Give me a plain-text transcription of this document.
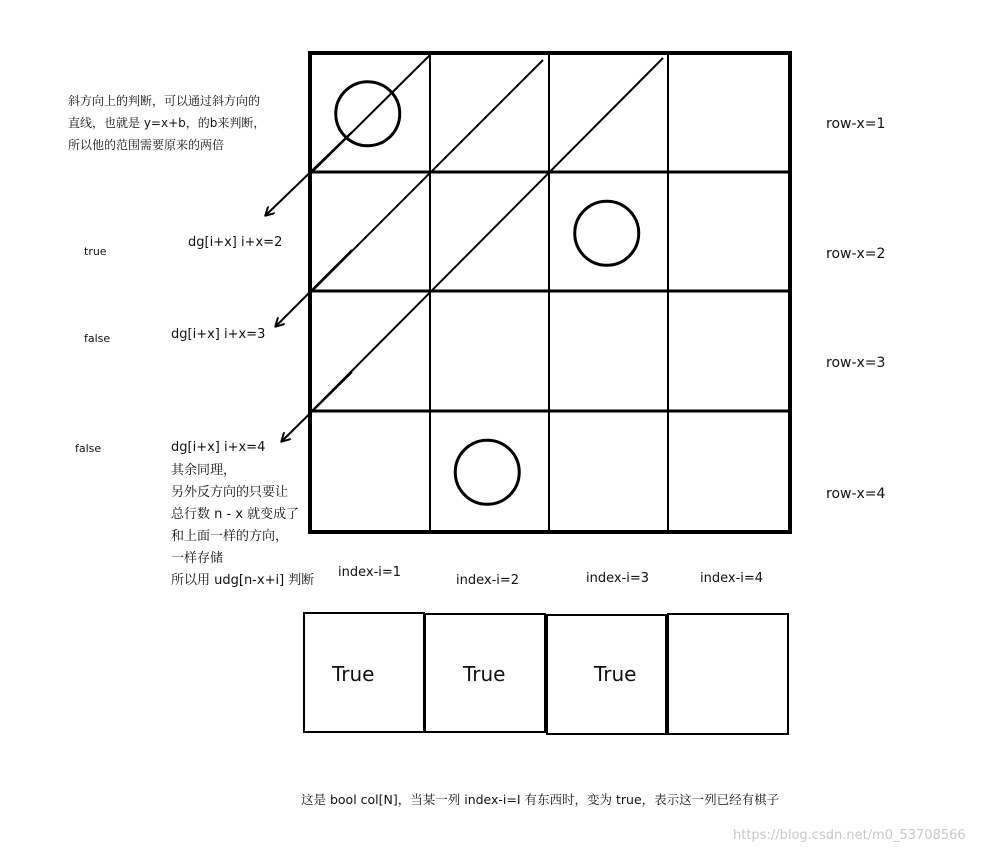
斜方向上的判断，可以通过斜方向的
直线，也就是 y=x+b，的b来判断，
所以他的范围需要原来的两倍
true
false
false
dg[i+x] i+x=2
dg[i+x] i+x=3
dg[i+x] i+x=4
其余同理，
另外反方向的只要让
总行数 n - x 就变成了
和上面一样的方向，
一样存储
所以用 udg[n-x+i] 判断
row-x=1
row-x=2
row-x=3
row-x=4
index-i=1
index-i=2	index-i=3	index-i=4
True	True	True
这是 bool col[N]，当某一列 index-i=I 有东西时，变为 true，表示这一列已经有棋子
https://blog.csdn.net/m0_53708566
